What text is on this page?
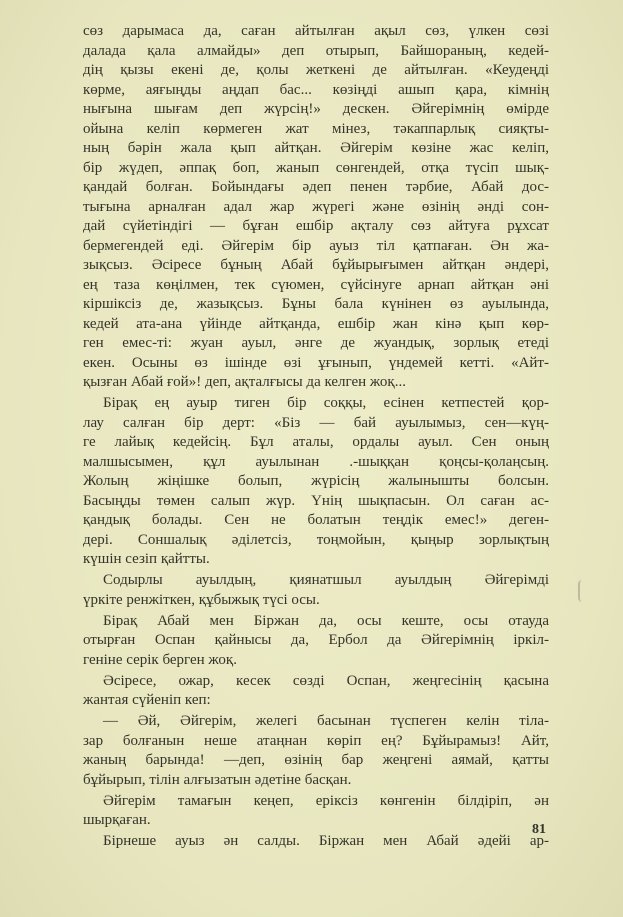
сөз дарымаса да, саған айтылған ақыл сөз, үлкен сөзі
далада қала алмайды» деп отырып, Байшораның, кедей-
дің қызы екені де, қолы жеткені де айтылған. «Кеудеңді
көрме, аяғыңды аңдап бас... көзіңді ашып қара, кімнің
нығына шығам деп жүрсің!» дескен. Әйгерімнің өмірде
ойына келіп көрмеген жат мінез, тәкаппарлық сияқты-
ның бәрін жала қып айтқан. Әйгерім көзіне жас келіп,
бір жүдеп, әппақ боп, жанып сөнгендей, отқа түсіп шық-
қандай болған. Бойындағы әдеп пенен тәрбие, Абай дос-
тығына арналған адал жар жүрегі және өзінің әнді сон-
дай сүйетіндігі — бұған ешбір ақталу сөз айтуға рұхсат
бермегендей еді. Әйгерім бір ауыз тіл қатпаған. Ән жа-
зықсыз. Әсіресе бұның Абай бұйырығымен айтқан әндері,
ең таза көңілмен, тек сүюмен, сүйсінуге арнап айтқан әні
кіршіксіз де, жазықсыз. Бұны бала күнінен өз ауылында,
кедей ата-ана үйінде айтқанда, ешбір жан кінә қып көр-
ген емес-ті: жуан ауыл, әнге де жуандық, зорлық етеді
екен. Осыны өз ішінде өзі ұғынып, үндемей кетті. «Айт-
қызған Абай ғой»! деп, ақталғысы да келген жоқ...
Бірақ ең ауыр тиген бір соққы, есінен кетпестей қор-
лау салған бір дерт: «Біз — бай ауылымыз, сен—күң-
ге лайық кедейсің. Бұл аталы, ордалы ауыл. Сен оның
малшысымен, құл ауылынан .-шыққан қоңсы-қолаңсың.
Жолың жіңішке болып, жүрісің жалынышты болсын.
Басыңды төмен салып жүр. Үнің шықпасын. Ол саған ас-
қандық болады. Сен не болатын теңдік емес!» деген-
дері. Соншалық әділетсіз, тоңмойын, қыңыр зорлықтың
күшін сезіп қайтты.
Содырлы ауылдың, қиянатшыл ауылдың Әйгерімді
үркіте ренжіткен, құбыжық түсі осы.
Бірақ Абай мен Біржан да, осы кеште, осы отауда
отырған Оспан қайнысы да, Ербол да Әйгерімнің іркіл-
геніне серік берген жоқ.
Әсіресе, ожар, кесек сөзді Оспан, жеңгесінің қасына
жантая сүйеніп кеп:
— Әй, Әйгерім, желегі басынан түспеген келін тіла-
зар болғанын неше атаңнан көріп ең? Бұйырамыз! Айт,
жаның барында! —деп, өзінің бар жеңгені аямай, қатты
бұйырып, тілін алғызатын әдетіне басқан.
Әйгерім тамағын кеңеп, еріксіз көнгенін білдіріп, ән
шырқаған.
Бірнеше ауыз ән салды. Біржан мен Абай әдейі ар-
81
